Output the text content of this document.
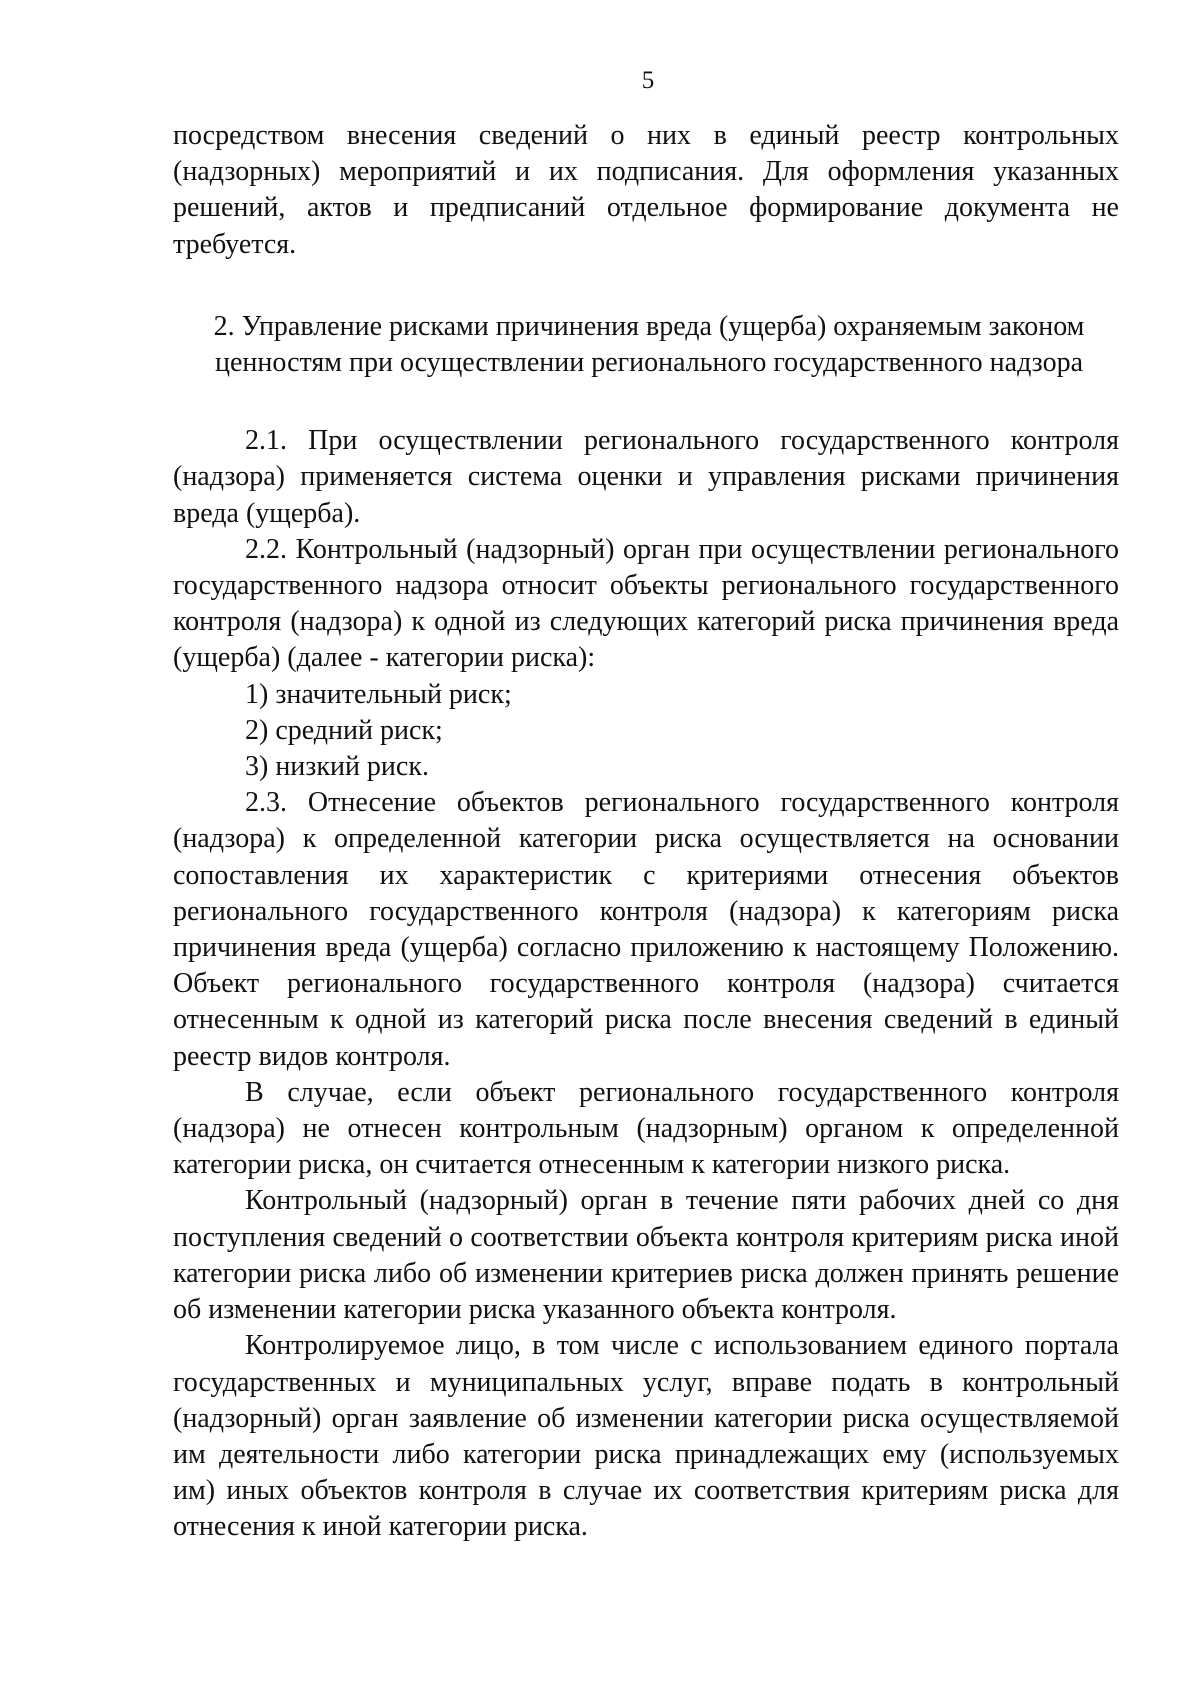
5

посредством внесения сведений о них в единый реестр контрольных (надзорных) мероприятий и их подписания. Для оформления указанных решений, актов и предписаний отдельное формирование документа не требуется.

2. Управление рисками причинения вреда (ущерба) охраняемым законом ценностям при осуществлении регионального государственного надзора

2.1. При осуществлении регионального государственного контроля (надзора) применяется система оценки и управления рисками причинения вреда (ущерба).

2.2. Контрольный (надзорный) орган при осуществлении регионального государственного надзора относит объекты регионального государственного контроля (надзора) к одной из следующих категорий риска причинения вреда (ущерба) (далее - категории риска):

1) значительный риск;

2) средний риск;

3) низкий риск.

2.3. Отнесение объектов регионального государственного контроля (надзора) к определенной категории риска осуществляется на основании сопоставления их характеристик с критериями отнесения объектов регионального государственного контроля (надзора) к категориям риска причинения вреда (ущерба) согласно приложению к настоящему Положению. Объект регионального государственного контроля (надзора) считается отнесенным к одной из категорий риска после внесения сведений в единый реестр видов контроля.

В случае, если объект регионального государственного контроля (надзора) не отнесен контрольным (надзорным) органом к определенной категории риска, он считается отнесенным к категории низкого риска.

Контрольный (надзорный) орган в течение пяти рабочих дней со дня поступления сведений о соответствии объекта контроля критериям риска иной категории риска либо об изменении критериев риска должен принять решение об изменении категории риска указанного объекта контроля.

Контролируемое лицо, в том числе с использованием единого портала государственных и муниципальных услуг, вправе подать в контрольный (надзорный) орган заявление об изменении категории риска осуществляемой им деятельности либо категории риска принадлежащих ему (используемых им) иных объектов контроля в случае их соответствия критериям риска для отнесения к иной категории риска.
